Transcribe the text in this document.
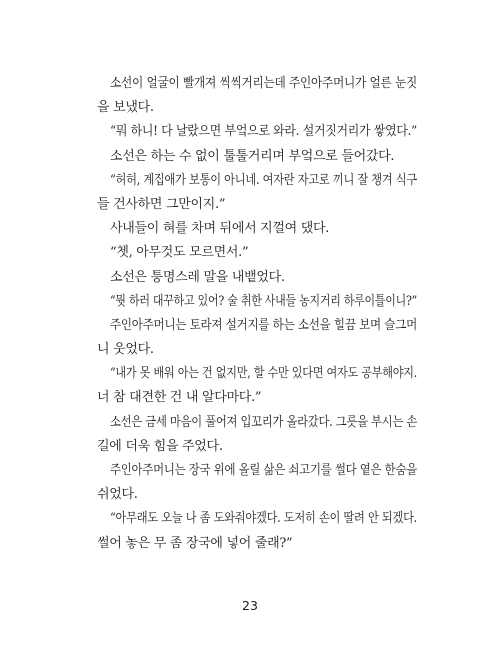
소선이 얼굴이 빨개져 씩씩거리는데 주인아주머니가 얼른 눈짓
을 보냈다.
“뭐 하니! 다 날랐으면 부엌으로 와라. 설거짓거리가 쌓였다.”
소선은 하는 수 없이 툴툴거리며 부엌으로 들어갔다.
“허허, 계집애가 보통이 아니네. 여자란 자고로 끼니 잘 챙겨 식구
들 건사하면 그만이지.”
사내들이 혀를 차며 뒤에서 지껄여 댔다.
“쳇, 아무것도 모르면서.”
소선은 퉁명스레 말을 내뱉었다.
“뭣 하러 대꾸하고 있어? 술 취한 사내들 농지거리 하루이틀이니?”
주인아주머니는 토라져 설거지를 하는 소선을 힐끔 보며 슬그머
니 웃었다.
“내가 못 배워 아는 건 없지만, 할 수만 있다면 여자도 공부해야지.
너 참 대견한 건 내 알다마다.”
소선은 금세 마음이 풀어져 입꼬리가 올라갔다. 그릇을 부시는 손
길에 더욱 힘을 주었다.
주인아주머니는 장국 위에 올릴 삶은 쇠고기를 썰다 옅은 한숨을
쉬었다.
“아무래도 오늘 나 좀 도와줘야겠다. 도저히 손이 딸려 안 되겠다.
썰어 놓은 무 좀 장국에 넣어 줄래?”
23
